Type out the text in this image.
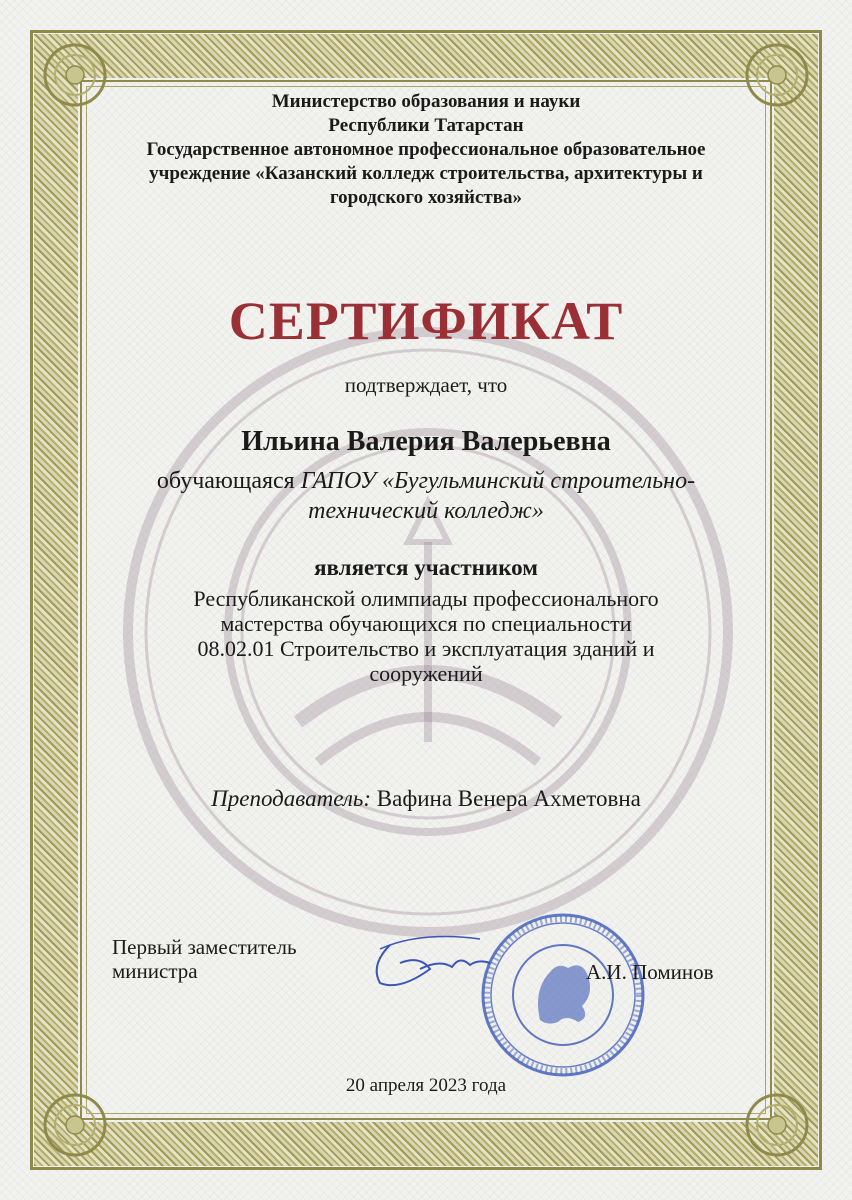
Министерство образования и науки
Республики Татарстан
Государственное автономное профессиональное образовательное
учреждение «Казанский колледж строительства, архитектуры и
городского хозяйства»
СЕРТИФИКАТ
подтверждает, что
Ильина Валерия Валерьевна
обучающаяся ГАПОУ «Бугульминский строительно-
технический колледж»
является участником
Республиканской олимпиады профессионального
мастерства обучающихся по специальности
08.02.01 Строительство и эксплуатация зданий и
сооружений
Преподаватель: Вафина Венера Ахметовна
Первый заместитель
министра	А.И. Поминов
20 апреля 2023 года
